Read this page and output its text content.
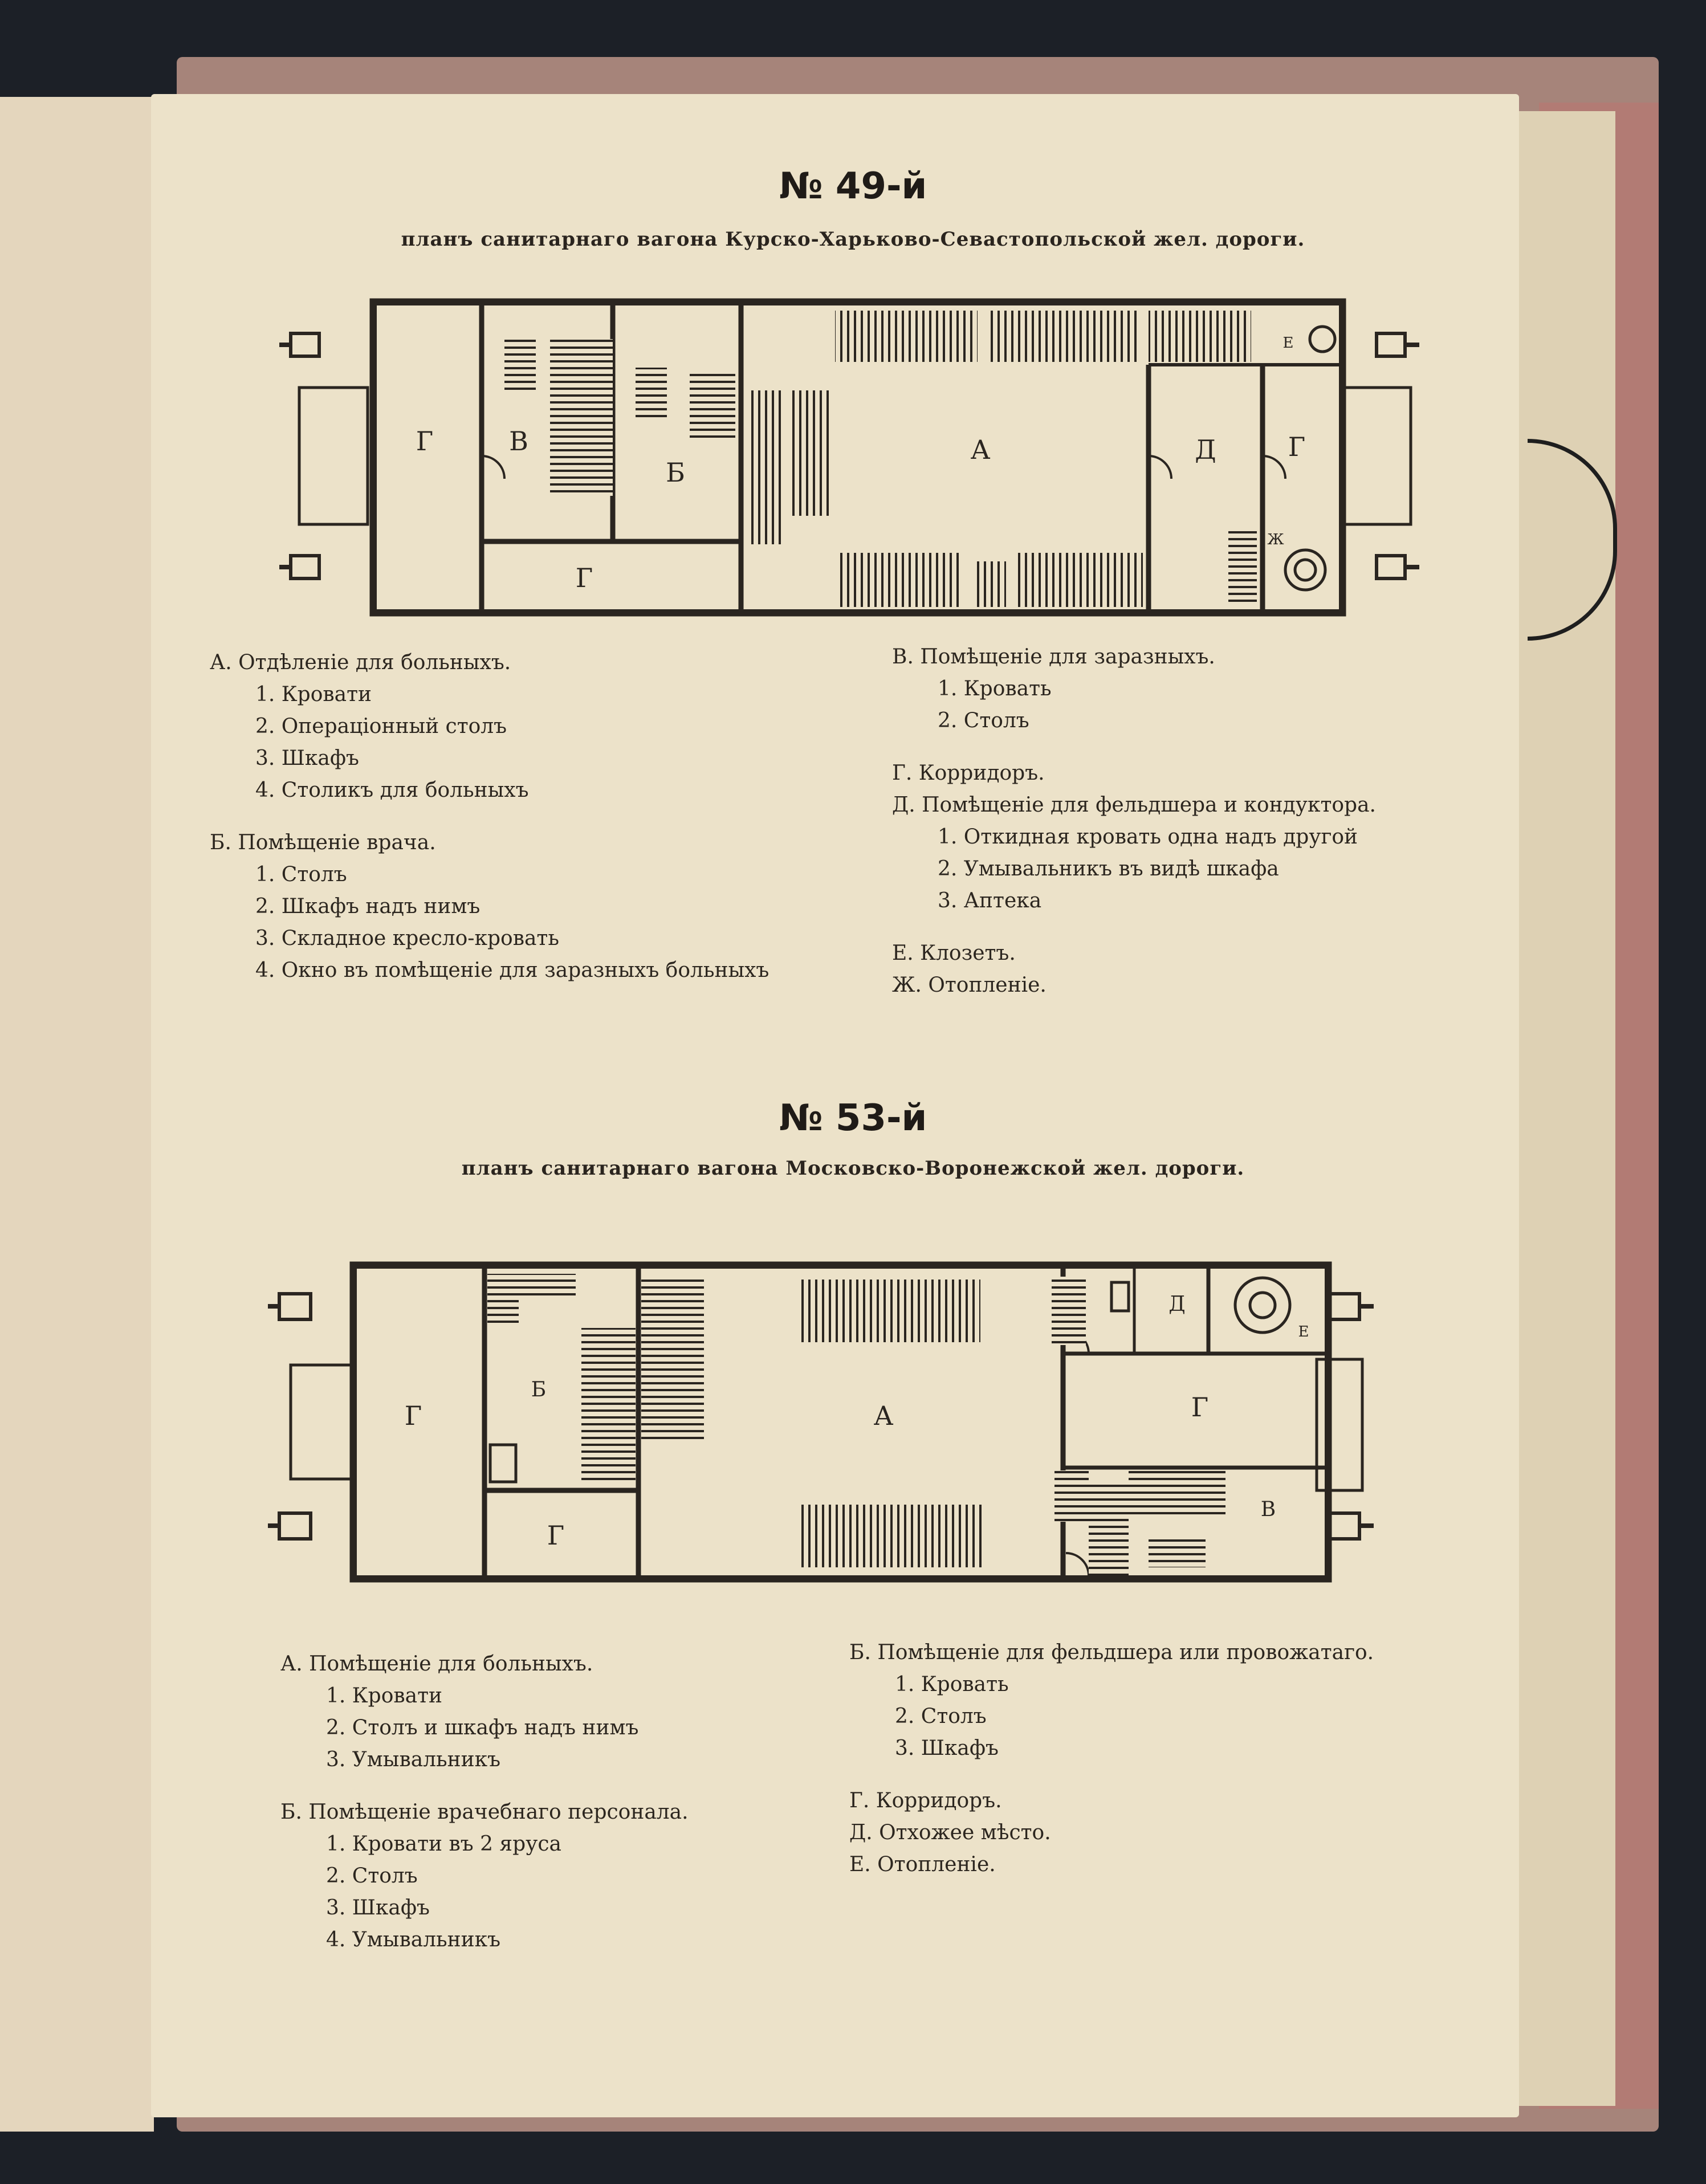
№ 49-й
планъ санитарнаго вагона Курско-Харьково-Севастопольской жел. дороги.
Г	В
Б
А	Д	Г
Г
Е
Ж
А. Отдѣленіе для больныхъ.
1. Кровати
2. Операціонный столъ
3. Шкафъ
4. Столикъ для больныхъ
Б. Помѣщеніе врача.
1. Столъ
2. Шкафъ надъ нимъ
3. Складное кресло-кровать
4. Окно въ помѣщеніе для заразныхъ больныхъ
В. Помѣщеніе для заразныхъ.
1. Кровать
2. Столъ
Г. Корридоръ.
Д. Помѣщеніе для фельдшера и кондуктора.
1. Откидная кровать одна надъ другой
2. Умывальникъ въ видѣ шкафа
3. Аптека
Е. Клозетъ.
Ж. Отопленіе.
№ 53-й
планъ санитарнаго вагона Московско-Воронежской жел. дороги.
Г
Б
А
Г
Д
Е
Г
В
А. Помѣщеніе для больныхъ.
1. Кровати
2. Столъ и шкафъ надъ нимъ
3. Умывальникъ
Б. Помѣщеніе врачебнаго персонала.
1. Кровати въ 2 яруса
2. Столъ
3. Шкафъ
4. Умывальникъ
Б. Помѣщеніе для фельдшера или провожатаго.
1. Кровать
2. Столъ
3. Шкафъ
Г. Корридоръ.
Д. Отхожее мѣсто.
Е. Отопленіе.
